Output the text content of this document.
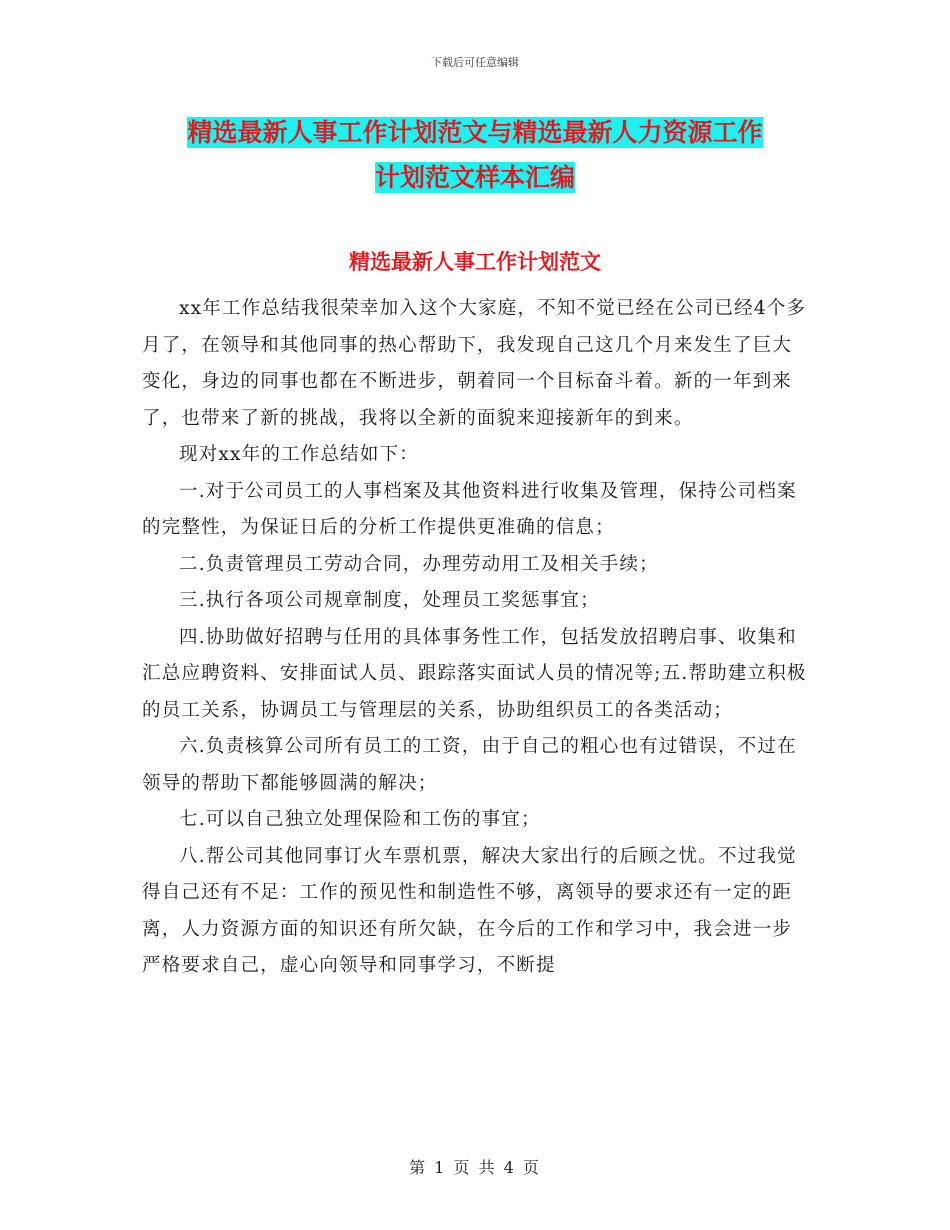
下载后可任意编辑
精选最新人事工作计划范文与精选最新人力资源工作
计划范文样本汇编
精选最新人事工作计划范文

xx年工作总结我很荣幸加入这个大家庭，不知不觉已经在公司已经4个多月了，在领导和其他同事的热心帮助下，我发现自己这几个月来发生了巨大变化，身边的同事也都在不断进步，朝着同一个目标奋斗着。新的一年到来了，也带来了新的挑战，我将以全新的面貌来迎接新年的到来。

现对xx年的工作总结如下：

一.对于公司员工的人事档案及其他资料进行收集及管理，保持公司档案的完整性，为保证日后的分析工作提供更准确的信息；

二.负责管理员工劳动合同，办理劳动用工及相关手续；

三.执行各项公司规章制度，处理员工奖惩事宜；

四.协助做好招聘与任用的具体事务性工作，包括发放招聘启事、收集和汇总应聘资料、安排面试人员、跟踪落实面试人员的情况等;五.帮助建立积极的员工关系，协调员工与管理层的关系，协助组织员工的各类活动；

六.负责核算公司所有员工的工资，由于自己的粗心也有过错误，不过在领导的帮助下都能够圆满的解决；

七.可以自己独立处理保险和工伤的事宜；

八.帮公司其他同事订火车票机票，解决大家出行的后顾之忧。不过我觉得自己还有不足：工作的预见性和制造性不够，离领导的要求还有一定的距离，人力资源方面的知识还有所欠缺，在今后的工作和学习中，我会进一步严格要求自己，虚心向领导和同事学习，不断提

第 1 页 共 4 页
